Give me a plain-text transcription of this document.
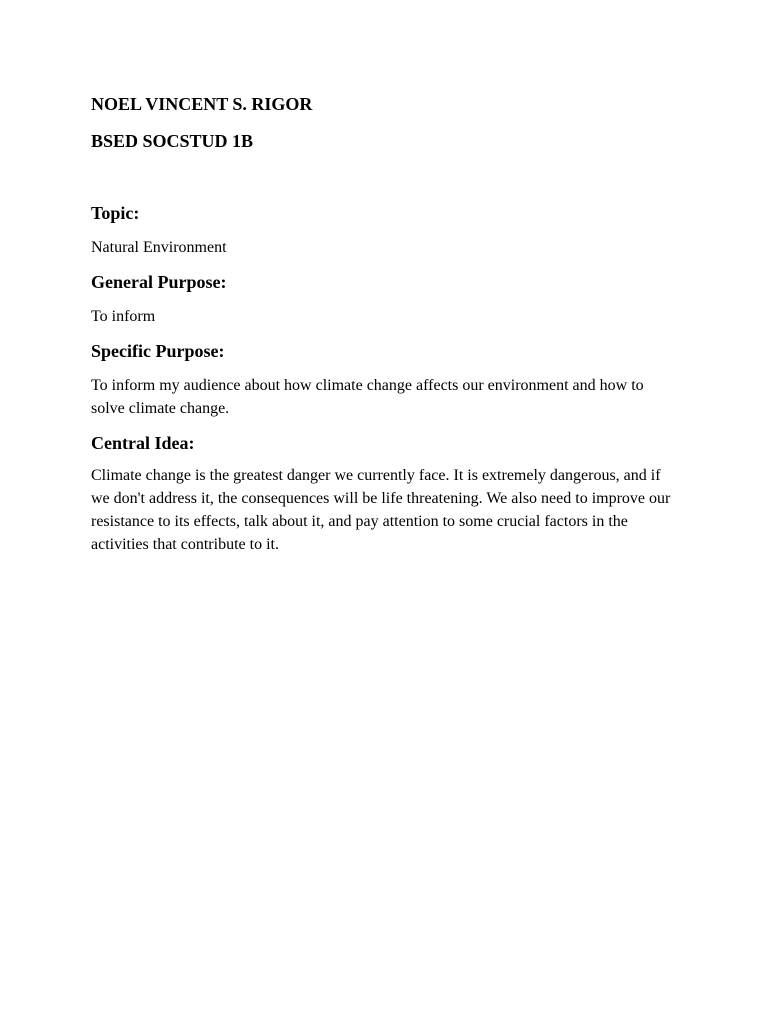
NOEL VINCENT S. RIGOR

BSED SOCSTUD 1B

Topic:

Natural Environment

General Purpose:

To inform

Specific Purpose:

To inform my audience about how climate change affects our environment and how to solve climate change.

Central Idea:

Climate change is the greatest danger we currently face. It is extremely dangerous, and if we don't address it, the consequences will be life threatening. We also need to improve our resistance to its effects, talk about it, and pay attention to some crucial factors in the activities that contribute to it.
